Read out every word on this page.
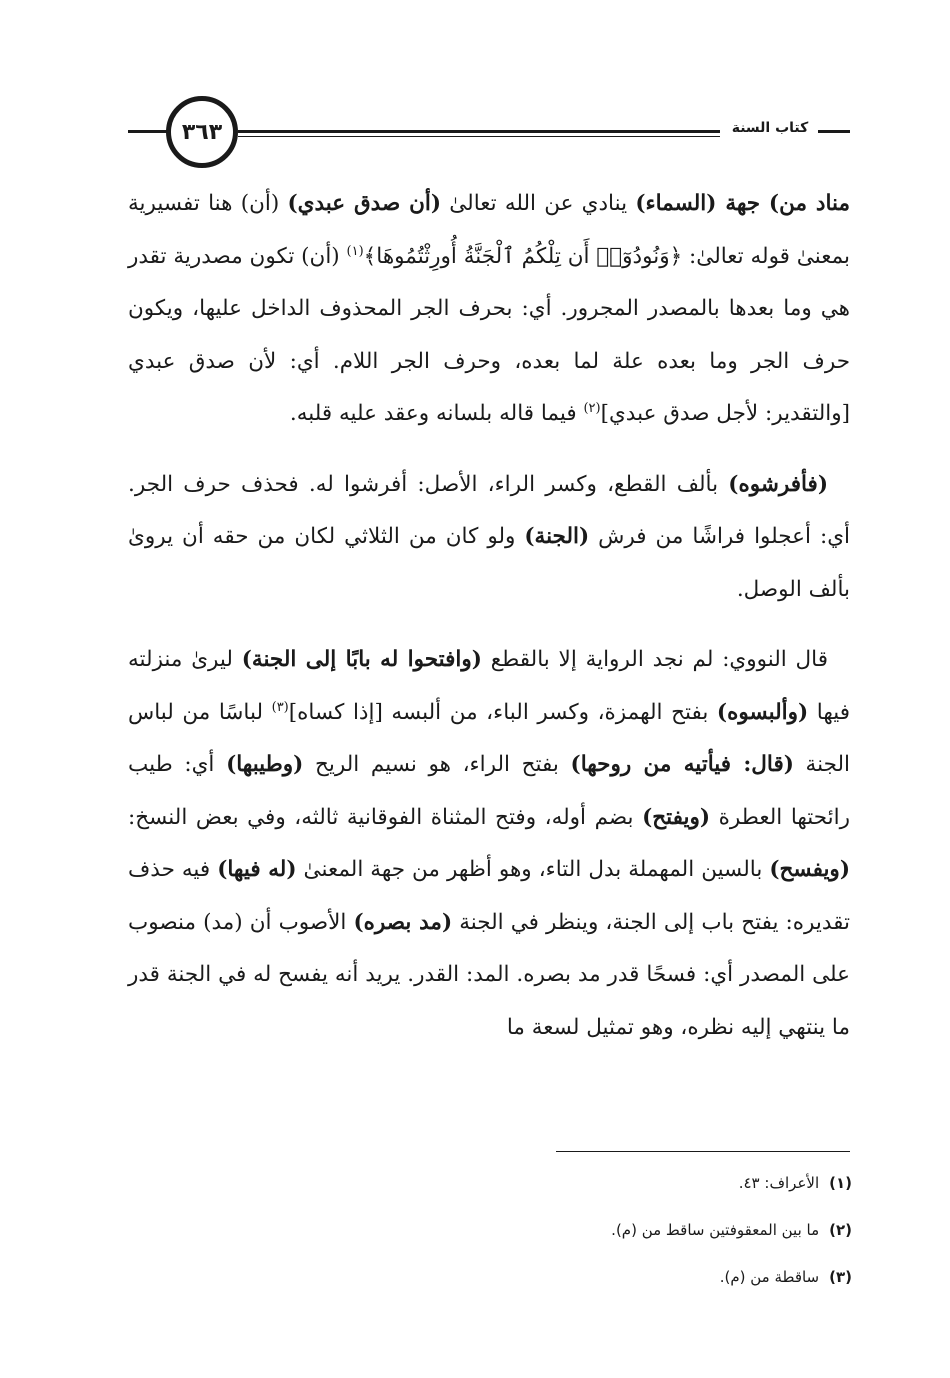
٣٦٣	كتاب السنة

مناد من) جهة (السماء) ينادي عن الله تعالىٰ (أن صدق عبدي) (أن) هنا تفسيرية بمعنىٰ قوله تعالىٰ: ﴿وَنُودُوٓا۟ أَن تِلْكُمُ ٱلْجَنَّةُ أُورِثْتُمُوهَا﴾$^{(١)}$ (أن) تكون مصدرية تقدر هي وما بعدها بالمصدر المجرور. أي: بحرف الجر المحذوف الداخل عليها، ويكون حرف الجر وما بعده علة لما بعده، وحرف الجر اللام. أي: لأن صدق عبدي [والتقدير: لأجل صدق عبدي]$^{(٢)}$ فيما قاله بلسانه وعقد عليه قلبه.

(فأفرشوه) بألف القطع، وكسر الراء، الأصل: أفرشوا له. فحذف حرف الجر. أي: أعجلوا فراشًا من فرش (الجنة) ولو كان من الثلاثي لكان من حقه أن يروىٰ بألف الوصل.

قال النووي: لم نجد الرواية إلا بالقطع (وافتحوا له بابًا إلى الجنة) ليرىٰ منزلته فيها (وألبسوه) بفتح الهمزة، وكسر الباء، من ألبسه [إذا كساه]$^{(٣)}$ لباسًا من لباس الجنة (قال: فيأتيه من روحها) بفتح الراء، هو نسيم الريح (وطيبها) أي: طيب رائحتها العطرة (ويفتح) بضم أوله، وفتح المثناة الفوقانية ثالثه، وفي بعض النسخ: (ويفسح) بالسين المهملة بدل التاء، وهو أظهر من جهة المعنىٰ (له فيها) فيه حذف تقديره: يفتح باب إلى الجنة، وينظر في الجنة (مد بصره) الأصوب أن (مد) منصوب على المصدر أي: فسحًا قدر مد بصره. المد: القدر. يريد أنه يفسح له في الجنة قدر ما ينتهي إليه نظره، وهو تمثيل لسعة ما

(١)الأعراف: ٤٣.
(٢)ما بين المعقوفتين ساقط من (م).
(٣)ساقطة من (م).
